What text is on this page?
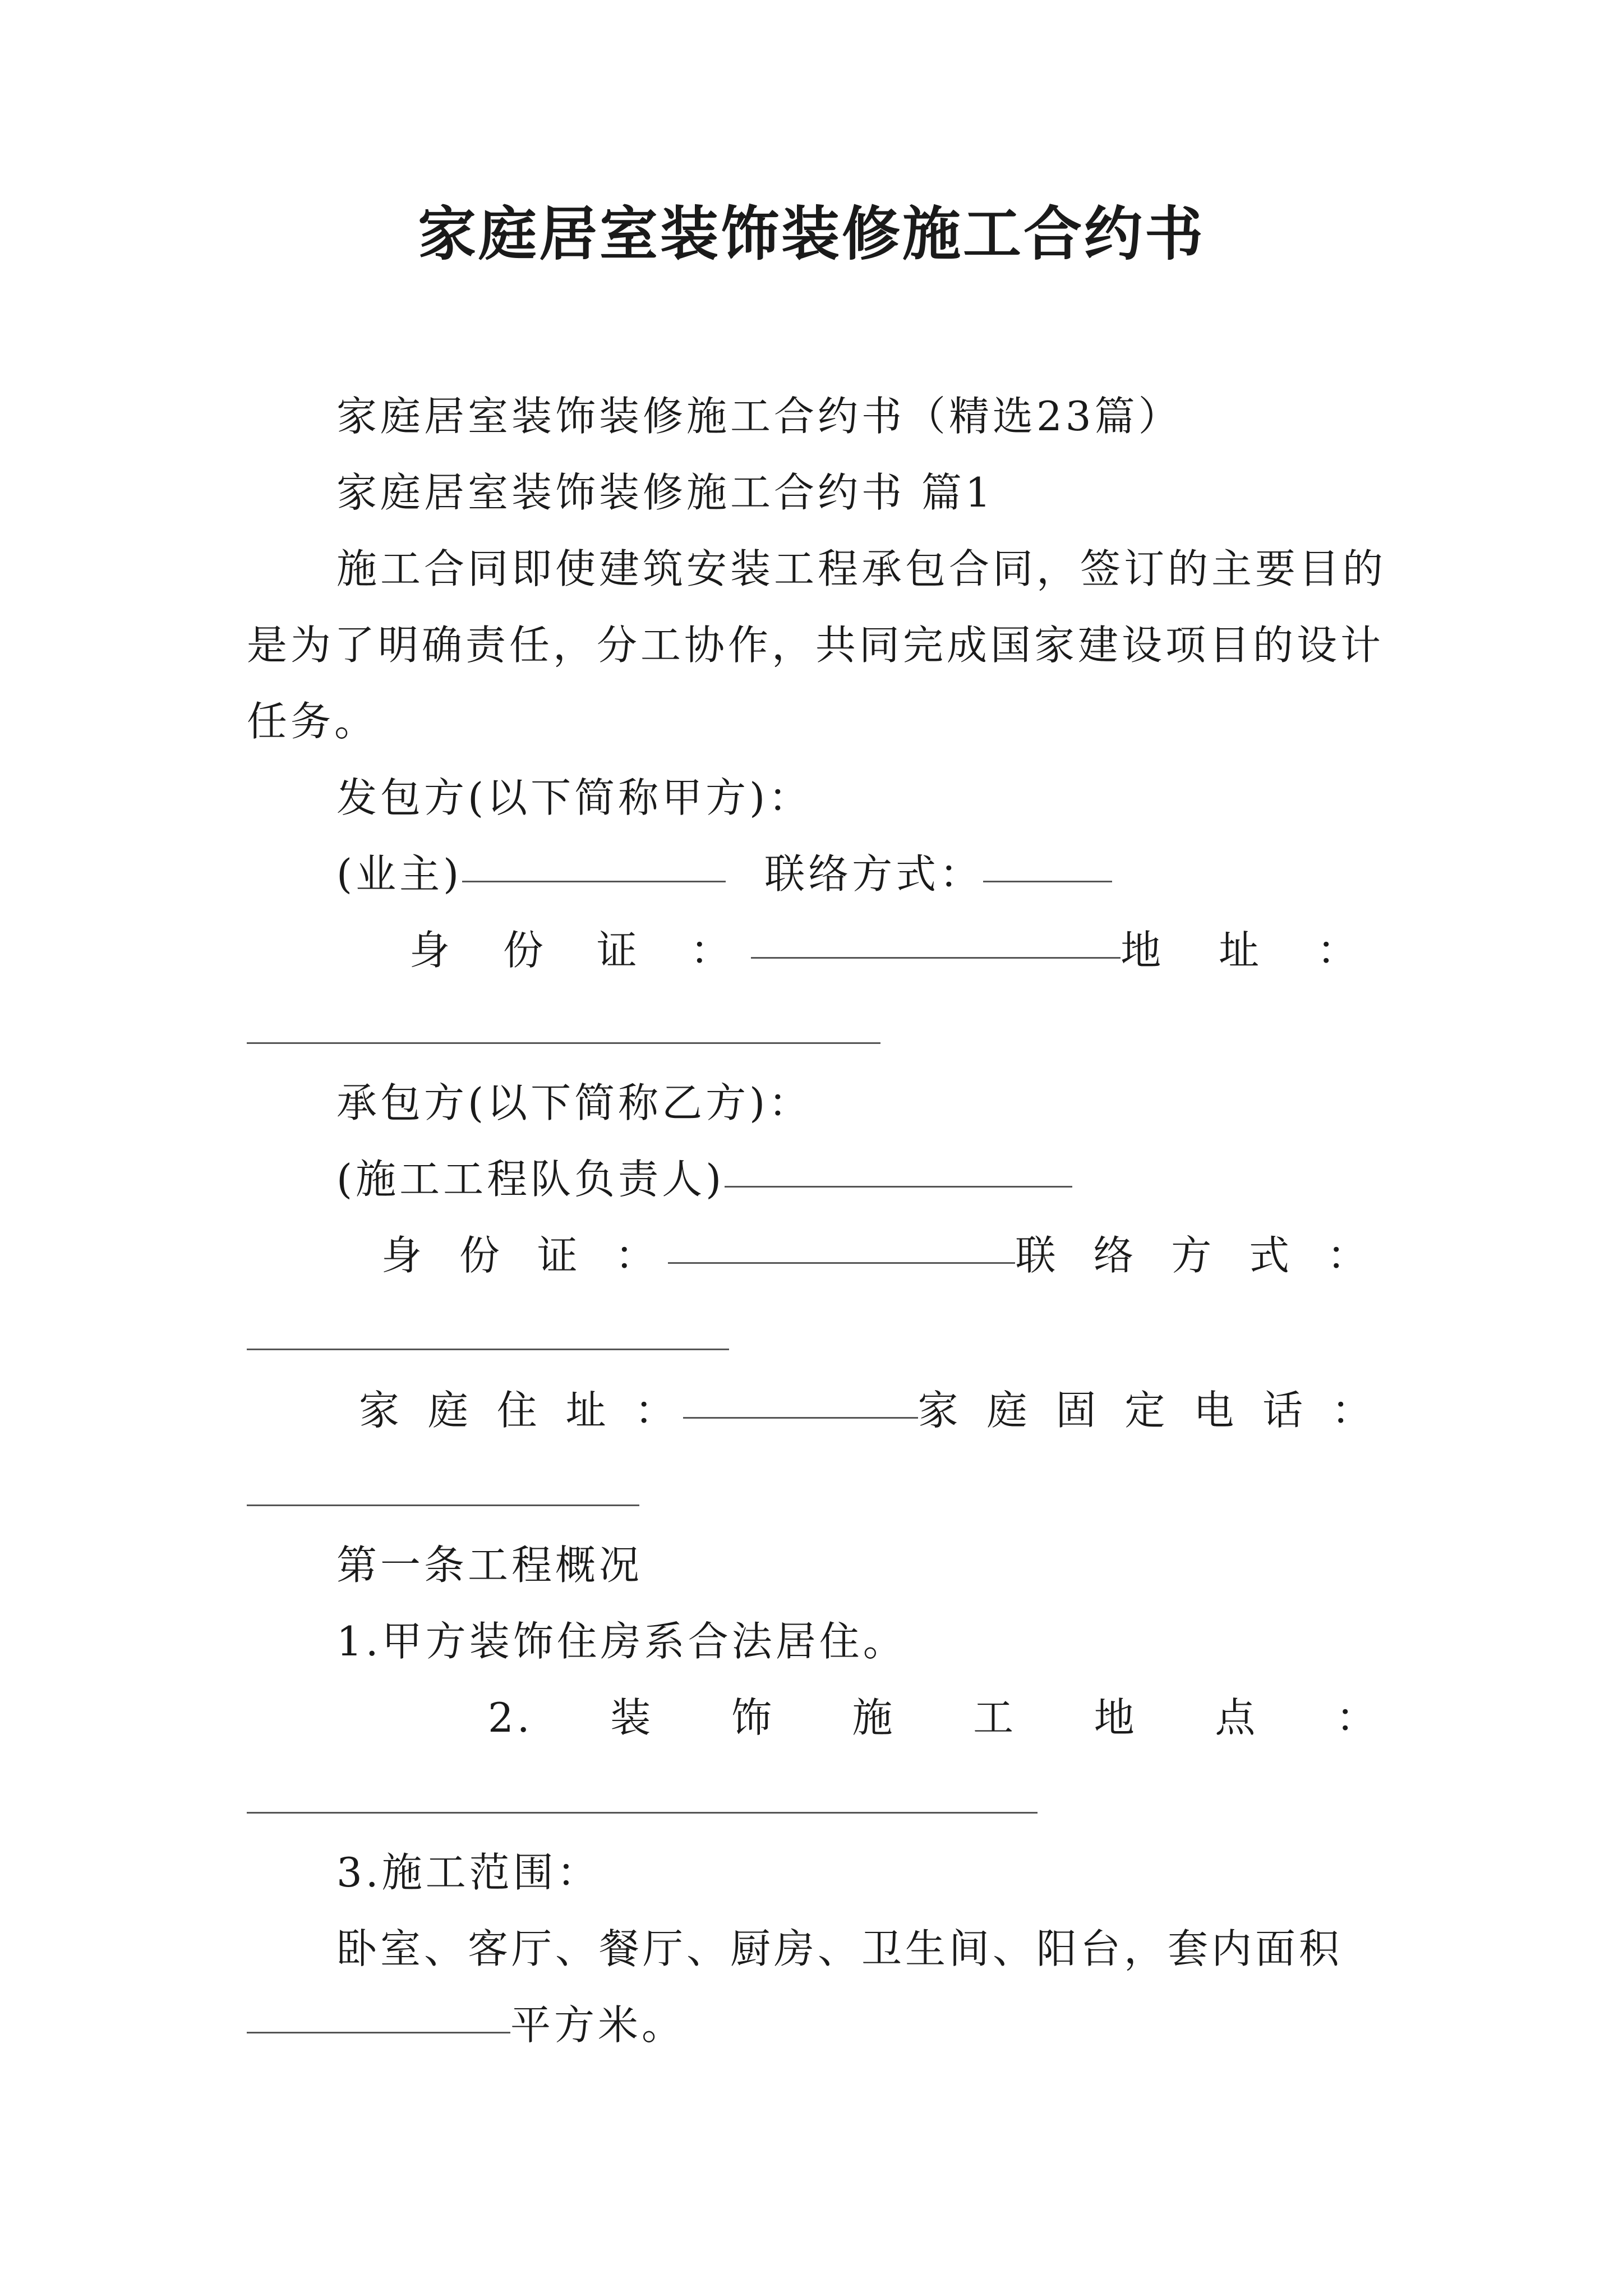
家庭居室装饰装修施工合约书
家庭居室装饰装修施工合约书（精选23篇）
家庭居室装饰装修施工合约书 篇1
施工合同即使建筑安装工程承包合同，签订的主要目的
是为了明确责任，分工协作，共同完成国家建设项目的设计
任务。
发包方(以下简称甲方)：
(业主)	联络方式：
身 份 证 ：	地 址 ：
承包方(以下简称乙方)：
(施工工程队负责人)
身 份 证 ：	联 络 方 式 ：
家 庭 住 址 ：	家 庭 固 定 电 话 ：
第一条工程概况
1.甲方装饰住房系合法居住。
2. 装 饰 施 工 地 点 ：
3.施工范围：
卧室、客厅、餐厅、厨房、卫生间、阳台，套内面积
平方米。
